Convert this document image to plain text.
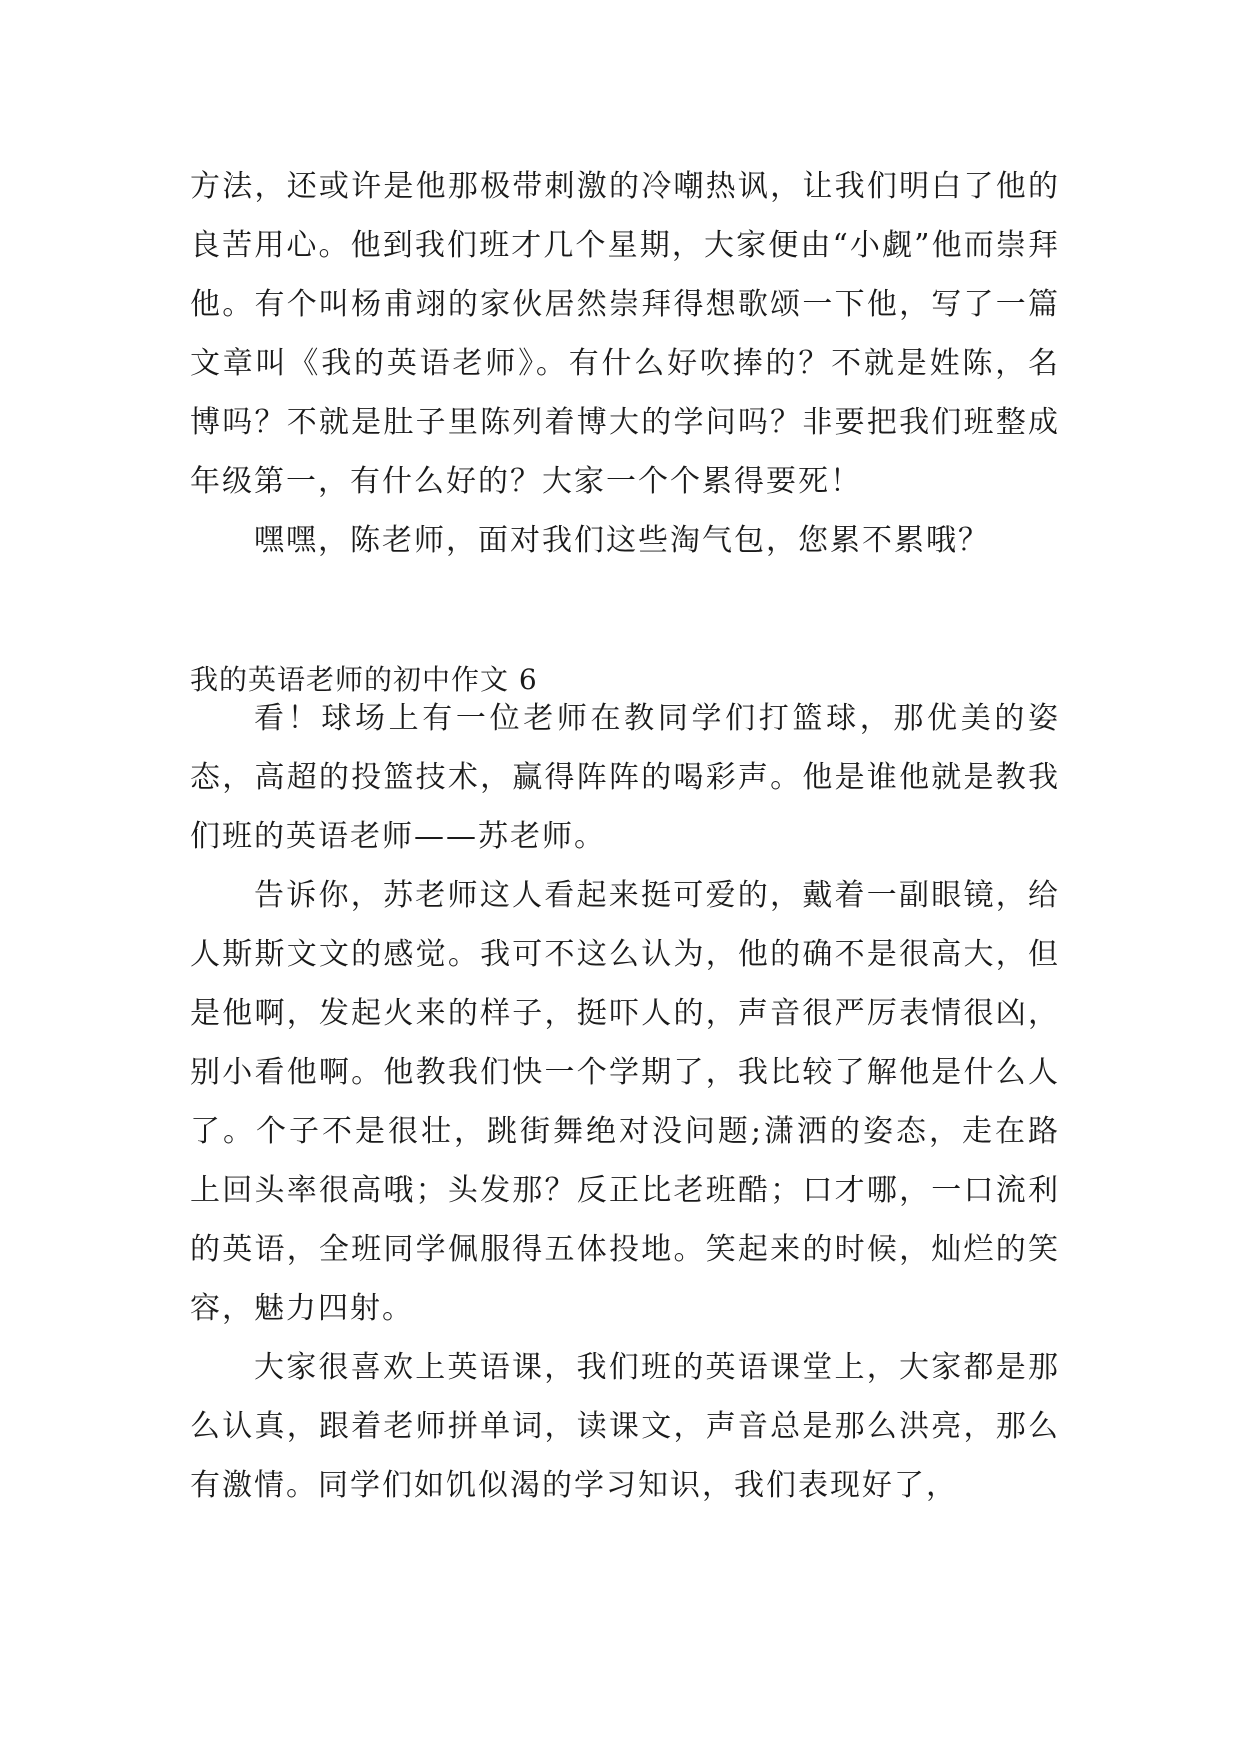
方法，还或许是他那极带刺激的冷嘲热讽，让我们明白了他的良苦用心。他到我们班才几个星期，大家便由“小觑”他而崇拜他。有个叫杨甫翊的家伙居然崇拜得想歌颂一下他，写了一篇文章叫《我的英语老师》。有什么好吹捧的？不就是姓陈，名博吗？不就是肚子里陈列着博大的学问吗？非要把我们班整成年级第一，有什么好的？大家一个个累得要死！

嘿嘿，陈老师，面对我们这些淘气包，您累不累哦？

我的英语老师的初中作文 6

看！球场上有一位老师在教同学们打篮球，那优美的姿态，高超的投篮技术，赢得阵阵的喝彩声。他是谁他就是教我们班的英语老师——苏老师。

告诉你，苏老师这人看起来挺可爱的，戴着一副眼镜，给人斯斯文文的感觉。我可不这么认为，他的确不是很高大，但是他啊，发起火来的样子，挺吓人的，声音很严厉表情很凶，别小看他啊。他教我们快一个学期了，我比较了解他是什么人了。个子不是很壮，跳街舞绝对没问题;潇洒的姿态，走在路上回头率很高哦；头发那？反正比老班酷；口才哪，一口流利的英语，全班同学佩服得五体投地。笑起来的时候，灿烂的笑容，魅力四射。

大家很喜欢上英语课，我们班的英语课堂上，大家都是那么认真，跟着老师拼单词，读课文，声音总是那么洪亮，那么有激情。同学们如饥似渴的学习知识，我们表现好了，
